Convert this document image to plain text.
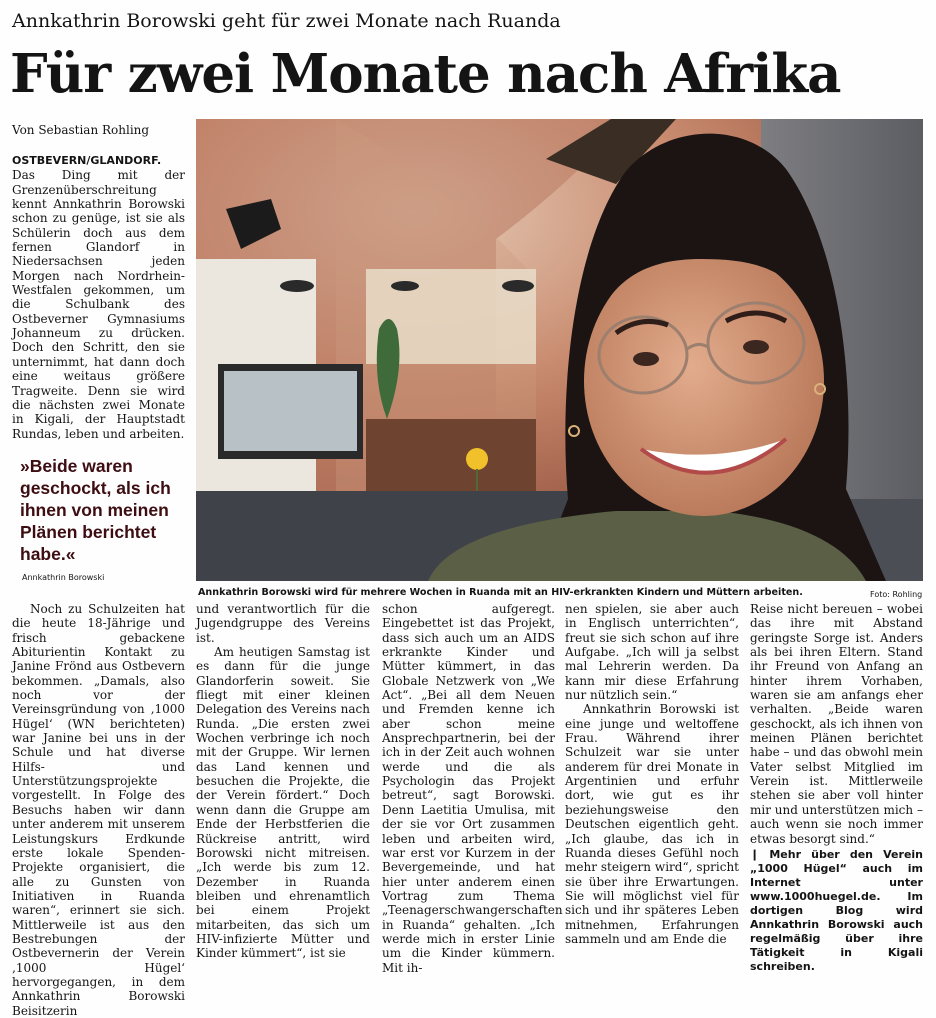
Annkathrin Borowski geht für zwei Monate nach Ruanda
Für zwei Monate nach Afrika
Von Sebastian Rohling
OSTBEVERN/GLANDORF. Das Ding mit der Grenzenüberschreitung kennt Annkathrin Borowski schon zu genüge, ist sie als Schülerin doch aus dem fernen Glandorf in Niedersachsen jeden Morgen nach Nordrhein-Westfalen gekommen, um die Schulbank des Ostbeverner Gymnasiums Johanneum zu drücken. Doch den Schritt, den sie unternimmt, hat dann doch eine weitaus größere Tragweite. Denn sie wird die nächsten zwei Monate in Kigali, der Hauptstadt Rundas, leben und arbeiten.
»Beide waren geschockt, als ich ihnen von meinen Plänen berichtet habe.«
Annkathrin Borowski
Annkathrin Borowski wird für mehrere Wochen in Ruanda mit an HIV-erkrankten Kindern und Müttern arbeiten.	Foto: Rohling

Noch zu Schulzeiten hat die heute 18-Jährige und frisch gebackene Abiturientin Kontakt zu Janine Frönd aus Ostbevern bekommen. „Damals, also noch vor der Vereinsgründung von ‚1000 Hügel‘ (WN berichteten) war Janine bei uns in der Schule und hat diverse Hilfs- und Unterstützungsprojekte vorgestellt. In Folge des Besuchs haben wir dann unter anderem mit unserem Leistungskurs Erdkunde erste lokale Spenden-Projekte organisiert, die alle zu Gunsten von Initiativen in Ruanda waren“, erinnert sie sich. Mittlerweile ist aus den Bestrebungen der Ostbevernerin der Verein ‚1000 Hügel‘ hervorgegangen, in dem Annkathrin Borowski Beisitzerin

und verantwortlich für die Jugendgruppe des Vereins ist.

Am heutigen Samstag ist es dann für die junge Glandorferin soweit. Sie fliegt mit einer kleinen Delegation des Vereins nach Runda. „Die ersten zwei Wochen verbringe ich noch mit der Gruppe. Wir lernen das Land kennen und besuchen die Projekte, die der Verein fördert.“ Doch wenn dann die Gruppe am Ende der Herbstferien die Rückreise antritt, wird Borowski nicht mitreisen. „Ich werde bis zum 12. Dezember in Ruanda bleiben und ehrenamtlich bei einem Projekt mitarbeiten, das sich um HIV-infizierte Mütter und Kinder kümmert“, ist sie

schon aufgeregt. Eingebettet ist das Projekt, dass sich auch um an AIDS erkrankte Kinder und Mütter kümmert, in das Globale Netzwerk von „We Act“. „Bei all dem Neuen und Fremden kenne ich aber schon meine Ansprechpartnerin, bei der ich in der Zeit auch wohnen werde und die als Psychologin das Projekt betreut“, sagt Borowski. Denn Laetitia Umulisa, mit der sie vor Ort zusammen leben und arbeiten wird, war erst vor Kurzem in der Bevergemeinde, und hat hier unter anderem einen Vortrag zum Thema „Teenagerschwangerschaften in Ruanda“ gehalten. „Ich werde mich in erster Linie um die Kinder kümmern. Mit ih-

nen spielen, sie aber auch in Englisch unterrichten“, freut sie sich schon auf ihre Aufgabe. „Ich will ja selbst mal Lehrerin werden. Da kann mir diese Erfahrung nur nützlich sein.“

Annkathrin Borowski ist eine junge und weltoffene Frau. Während ihrer Schulzeit war sie unter anderem für drei Monate in Argentinien und erfuhr dort, wie gut es ihr beziehungsweise den Deutschen eigentlich geht. „Ich glaube, das ich in Ruanda dieses Gefühl noch mehr steigern wird“, spricht sie über ihre Erwartungen. Sie will möglichst viel für sich und ihr späteres Leben mitnehmen, Erfahrungen sammeln und am Ende die

Reise nicht bereuen – wobei das ihre mit Abstand geringste Sorge ist. Anders als bei ihren Eltern. Stand ihr Freund von Anfang an hinter ihrem Vorhaben, waren sie am anfangs eher verhalten. „Beide waren geschockt, als ich ihnen von meinen Plänen berichtet habe – und das obwohl mein Vater selbst Mitglied im Verein ist. Mittlerweile stehen sie aber voll hinter mir und unterstützen mich – auch wenn sie noch immer etwas besorgt sind.“

❙ Mehr über den Verein „1000 Hügel“ auch im Internet unter www.1000huegel.de. Im dortigen Blog wird Annkathrin Borowski auch regelmäßig über ihre Tätigkeit in Kigali schreiben.
